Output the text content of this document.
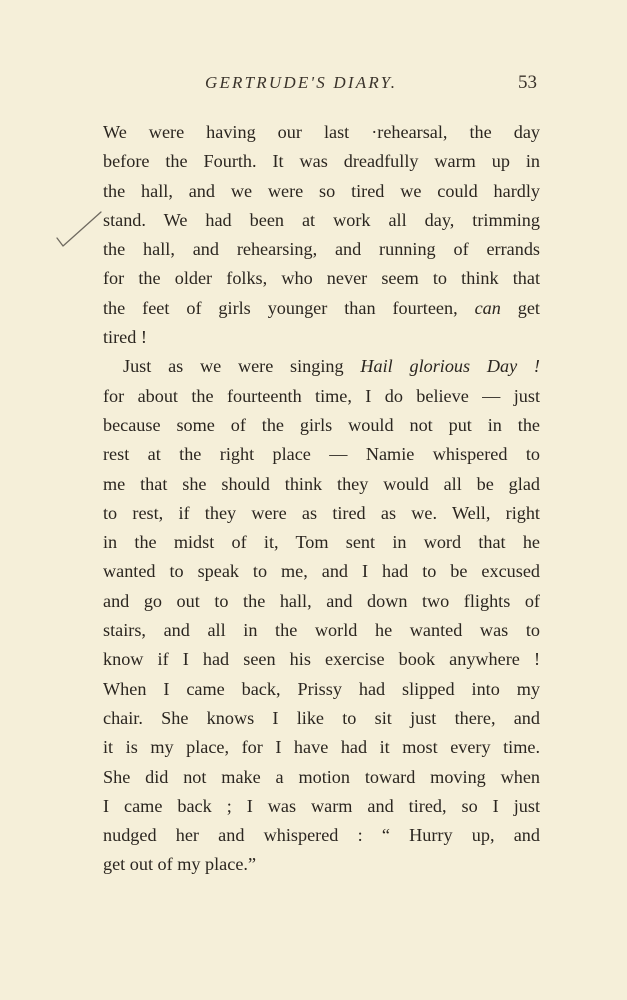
GERTRUDE'S DIARY.	53
We were having our last ·rehearsal, the day
before the Fourth. It was dreadfully warm up in
the hall, and we were so tired we could hardly
stand. We had been at work all day, trimming
the hall, and rehearsing, and running of errands
for the older folks, who never seem to think that
the feet of girls younger than fourteen, can get
tired !
Just as we were singing Hail glorious Day !
for about the fourteenth time, I do believe — just
because some of the girls would not put in the
rest at the right place — Namie whispered to
me that she should think they would all be glad
to rest, if they were as tired as we. Well, right
in the midst of it, Tom sent in word that he
wanted to speak to me, and I had to be excused
and go out to the hall, and down two flights of
stairs, and all in the world he wanted was to
know if I had seen his exercise book anywhere !
When I came back, Prissy had slipped into my
chair. She knows I like to sit just there, and
it is my place, for I have had it most every time.
She did not make a motion toward moving when
I came back ; I was warm and tired, so I just
nudged her and whispered : “ Hurry up, and
get out of my place.”
